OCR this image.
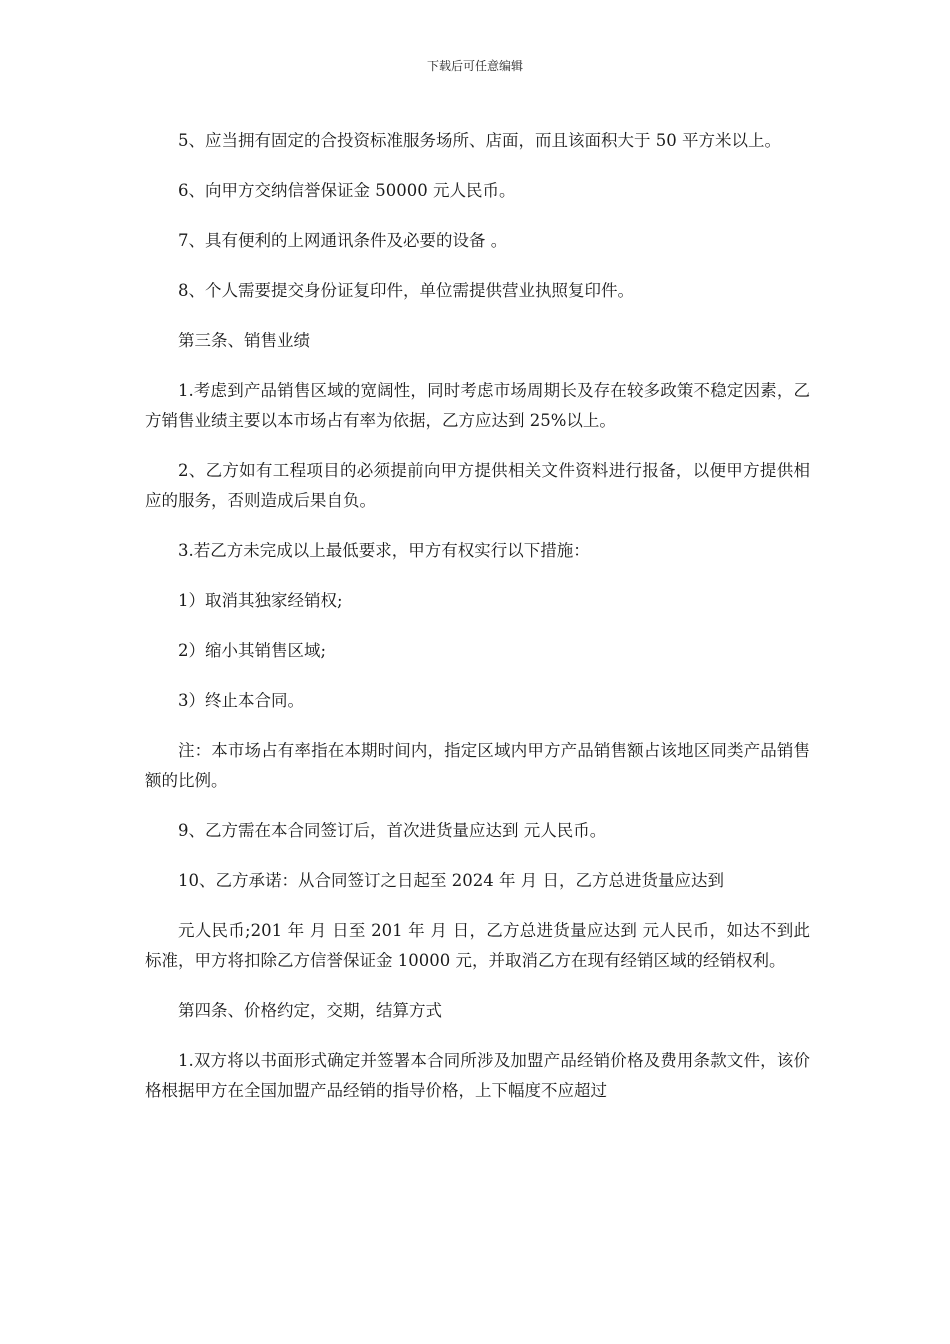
下载后可任意编辑

5、应当拥有固定的合投资标准服务场所、店面，而且该面积大于 50 平方米以上。

6、向甲方交纳信誉保证金 50000 元人民币。

7、具有便利的上网通讯条件及必要的设备 。

8、个人需要提交身份证复印件，单位需提供营业执照复印件。

第三条、销售业绩

1.考虑到产品销售区域的宽阔性，同时考虑市场周期长及存在较多政策不稳定因素，乙方销售业绩主要以本市场占有率为依据，乙方应达到 25%以上。

2、乙方如有工程项目的必须提前向甲方提供相关文件资料进行报备，以便甲方提供相应的服务，否则造成后果自负。

3.若乙方未完成以上最低要求，甲方有权实行以下措施：

1）取消其独家经销权;

2）缩小其销售区域;

3）终止本合同。

注：本市场占有率指在本期时间内，指定区域内甲方产品销售额占该地区同类产品销售额的比例。

9、乙方需在本合同签订后，首次进货量应达到 元人民币。

10、乙方承诺：从合同签订之日起至 2024 年 月 日，乙方总进货量应达到

元人民币;201 年 月 日至 201 年 月 日，乙方总进货量应达到 元人民币，如达不到此标准，甲方将扣除乙方信誉保证金 10000 元，并取消乙方在现有经销区域的经销权利。

第四条、价格约定，交期，结算方式

1.双方将以书面形式确定并签署本合同所涉及加盟产品经销价格及费用条款文件，该价格根据甲方在全国加盟产品经销的指导价格，上下幅度不应超过
